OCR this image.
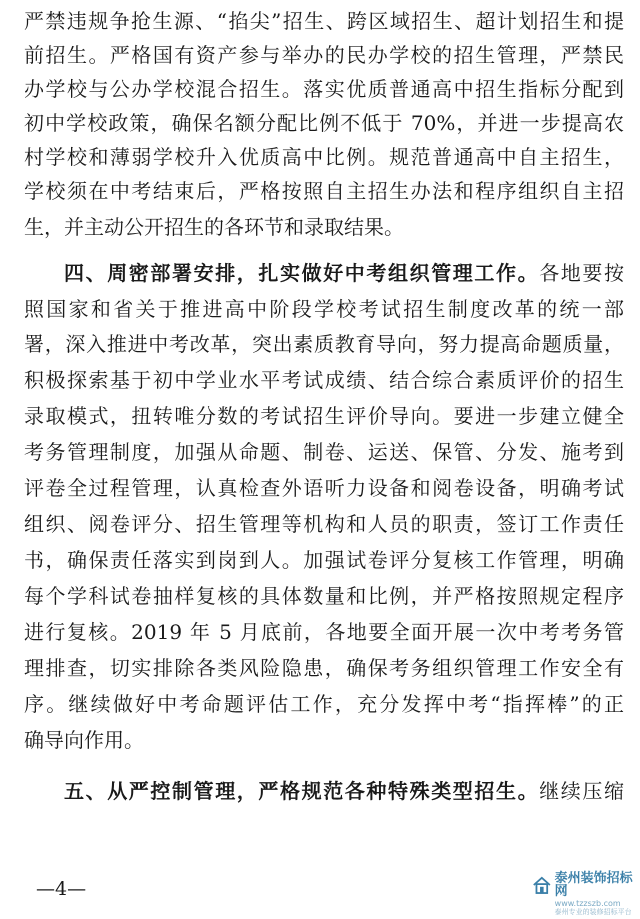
严禁违规争抢生源、“掐尖”招生、跨区域招生、超计划招生和提
前招生。严格国有资产参与举办的民办学校的招生管理，严禁民
办学校与公办学校混合招生。落实优质普通高中招生指标分配到
初中学校政策，确保名额分配比例不低于 70%，并进一步提高农
村学校和薄弱学校升入优质高中比例。规范普通高中自主招生，
学校须在中考结束后，严格按照自主招生办法和程序组织自主招
生，并主动公开招生的各环节和录取结果。
四、周密部署安排，扎实做好中考组织管理工作。各地要按
照国家和省关于推进高中阶段学校考试招生制度改革的统一部
署，深入推进中考改革，突出素质教育导向，努力提高命题质量，
积极探索基于初中学业水平考试成绩、结合综合素质评价的招生
录取模式，扭转唯分数的考试招生评价导向。要进一步建立健全
考务管理制度，加强从命题、制卷、运送、保管、分发、施考到
评卷全过程管理，认真检查外语听力设备和阅卷设备，明确考试
组织、阅卷评分、招生管理等机构和人员的职责，签订工作责任
书，确保责任落实到岗到人。加强试卷评分复核工作管理，明确
每个学科试卷抽样复核的具体数量和比例，并严格按照规定程序
进行复核。2019 年 5 月底前，各地要全面开展一次中考考务管
理排查，切实排除各类风险隐患，确保考务组织管理工作安全有
序。继续做好中考命题评估工作，充分发挥中考“指挥棒”的正
确导向作用。
五、从严控制管理，严格规范各种特殊类型招生。继续压缩
—4—	泰州装饰招标网
www.tzzszb.com
泰州专业的装修招标平台
